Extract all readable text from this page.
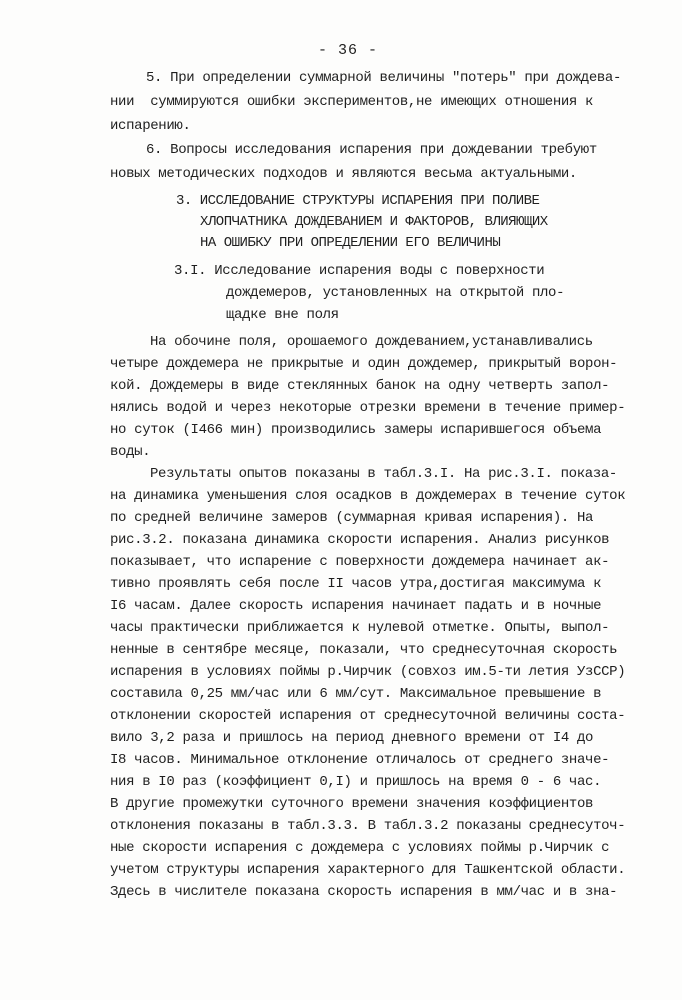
- 36 -
5. При определении суммарной величины "потерь" при дождева-
нии  суммируются ошибки экспериментов,не имеющих отношения к
испарению.
6. Вопросы исследования испарения при дождевании требуют
новых методических подходов и являются весьма актуальными.
3. ИССЛЕДОВАНИЕ СТРУКТУРЫ ИСПАРЕНИЯ ПРИ ПОЛИВЕ
ХЛОПЧАТНИКА ДОЖДЕВАНИЕМ И ФАКТОРОВ, ВЛИЯЮЩИХ
НА ОШИБКУ ПРИ ОПРЕДЕЛЕНИИ ЕГО ВЕЛИЧИНЫ
3.I. Исследование испарения воды с поверхности
дождемеров, установленных на открытой пло-
щадке вне поля
На обочине поля, орошаемого дождеванием,устанавливались
четыре дождемера не прикрытые и один дождемер, прикрытый ворон-
кой. Дождемеры в виде стеклянных банок на одну четверть запол-
нялись водой и через некоторые отрезки времени в течение пример-
но суток (I466 мин) производились замеры испарившегося объема
воды.
Результаты опытов показаны в табл.3.I. На рис.3.I. показа-
на динамика уменьшения слоя осадков в дождемерах в течение суток
по средней величине замеров (суммарная кривая испарения). На
рис.3.2. показана динамика скорости испарения. Анализ рисунков
показывает, что испарение с поверхности дождемера начинает ак-
тивно проявлять себя после II часов утра,достигая максимума к
I6 часам. Далее скорость испарения начинает падать и в ночные
часы практически приближается к нулевой отметке. Опыты, выпол-
ненные в сентябре месяце, показали, что среднесуточная скорость
испарения в условиях поймы р.Чирчик (совхоз им.5-ти летия УзССР)
составила 0,25 мм/час или 6 мм/сут. Максимальное превышение в
отклонении скоростей испарения от среднесуточной величины соста-
вило 3,2 раза и пришлось на период дневного времени от I4 до
I8 часов. Минимальное отклонение отличалось от среднего значе-
ния в I0 раз (коэффициент 0,I) и пришлось на время 0 - 6 час.
В другие промежутки суточного времени значения коэффициентов
отклонения показаны в табл.3.3. В табл.3.2 показаны среднесуточ-
ные скорости испарения с дождемера с условиях поймы р.Чирчик с
учетом структуры испарения характерного для Ташкентской области.
Здесь в числителе показана скорость испарения в мм/час и в зна-
